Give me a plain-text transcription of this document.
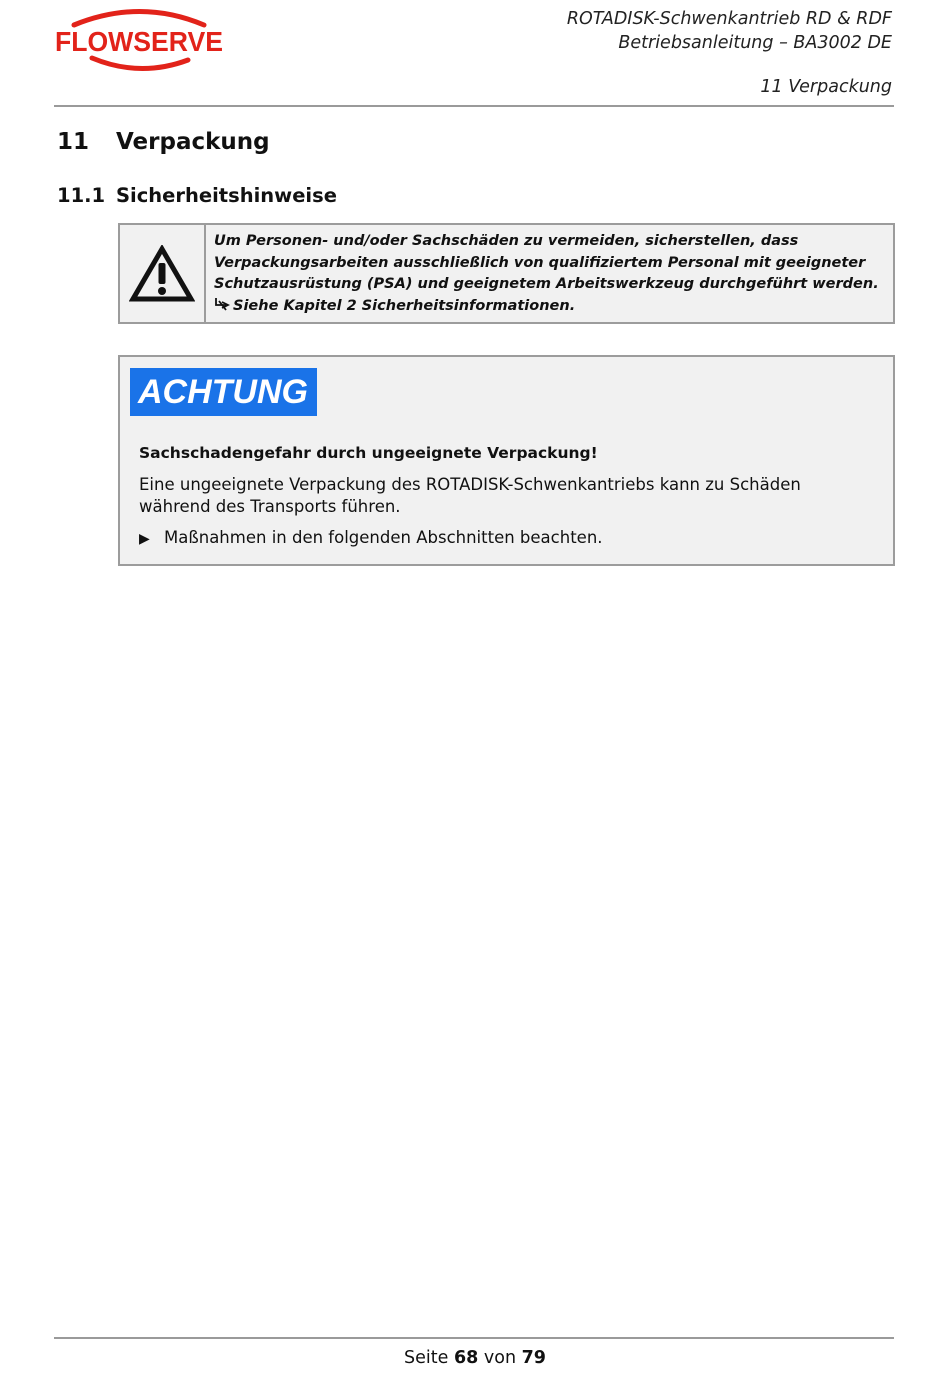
FLOWSERVE
ROTADISK-Schwenkantrieb RD & RDF
Betriebsanleitung – BA3002 DE
11 Verpackung
11 Verpackung
11.1 Sicherheitshinweise
Um Personen- und/oder Sachschäden zu vermeiden, sicherstellen, dass Verpackungsarbeiten ausschließlich von qualifiziertem Personal mit geeigneter Schutzausrüstung (PSA) und geeignetem Arbeitswerkzeug durchgeführt werden.
Siehe Kapitel 2 Sicherheitsinformationen.
ACHTUNG
Sachschadengefahr durch ungeeignete Verpackung!
Eine ungeeignete Verpackung des ROTADISK-Schwenkantriebs kann zu Schäden während des Transports führen.
▶ Maßnahmen in den folgenden Abschnitten beachten.
Seite 68 von 79
